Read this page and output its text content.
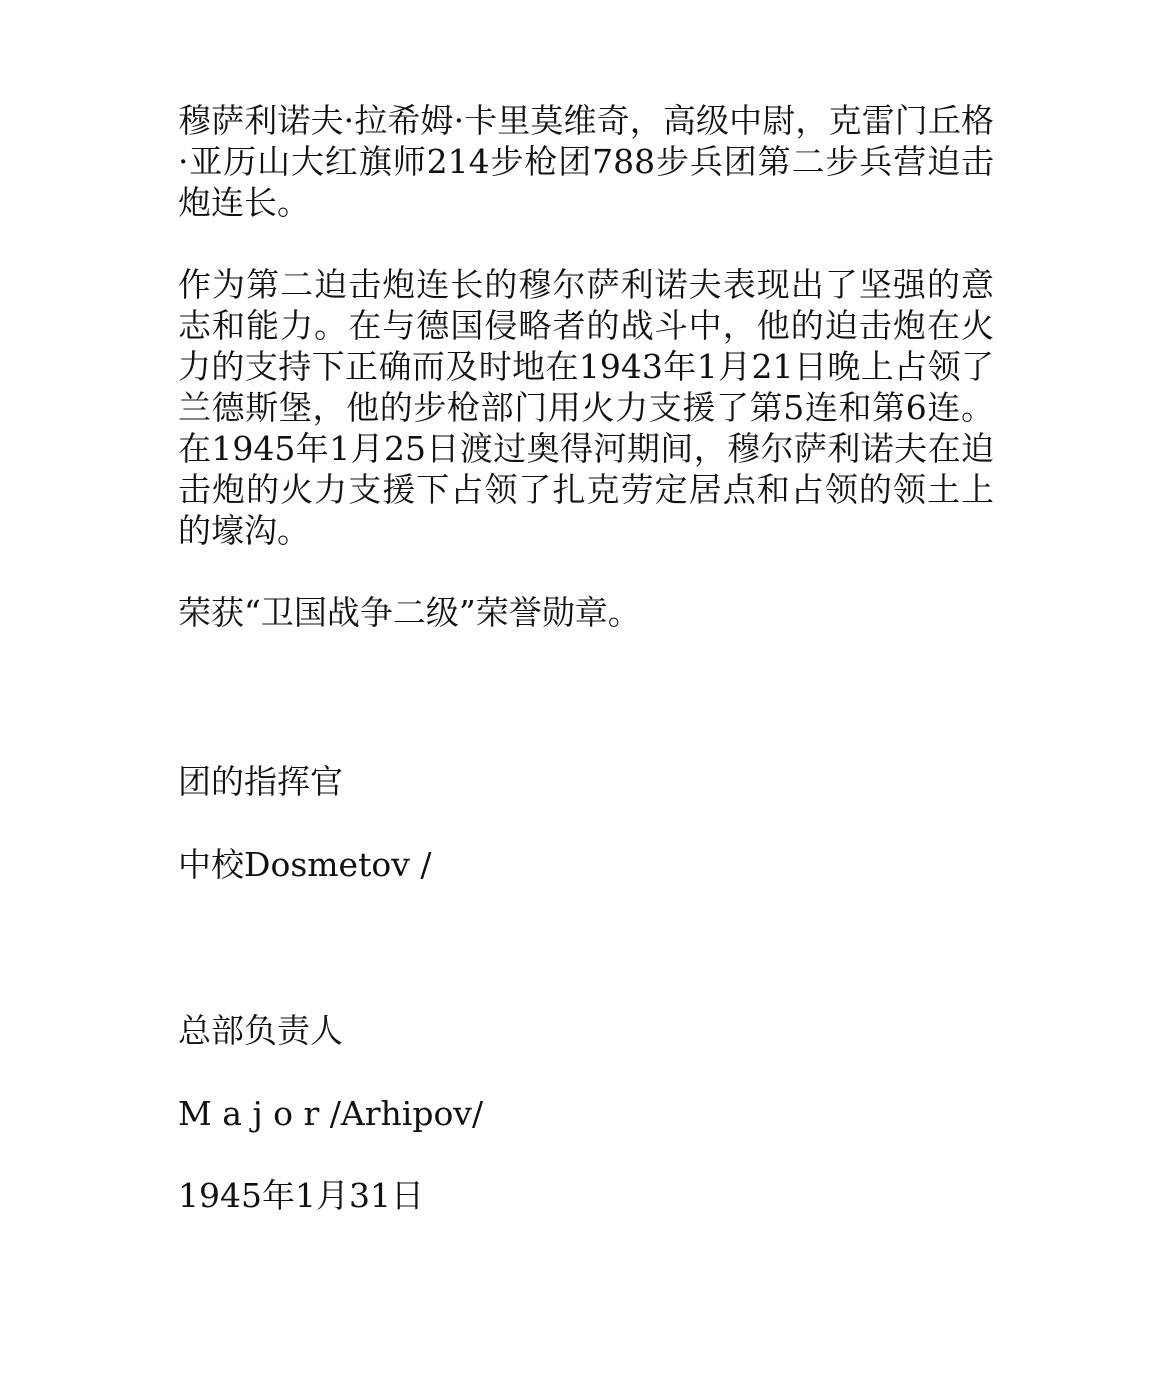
穆萨利诺夫·拉希姆·卡里莫维奇，高级中尉，克雷门丘格·亚历山大红旗师214步枪团788步兵团第二步兵营迫击炮连长。

作为第二迫击炮连长的穆尔萨利诺夫表现出了坚强的意志和能力。在与德国侵略者的战斗中，他的迫击炮在火力的支持下正确而及时地在1943年1月21日晚上占领了兰德斯堡，他的步枪部门用火力支援了第5连和第6连。在1945年1月25日渡过奥得河期间，穆尔萨利诺夫在迫击炮的火力支援下占领了扎克劳定居点和占领的领土上的壕沟。

荣获“卫国战争二级”荣誉勋章。

团的指挥官
中校Dosmetov /
总部负责人
M a j o r /Arhipov/
1945年1月31日
